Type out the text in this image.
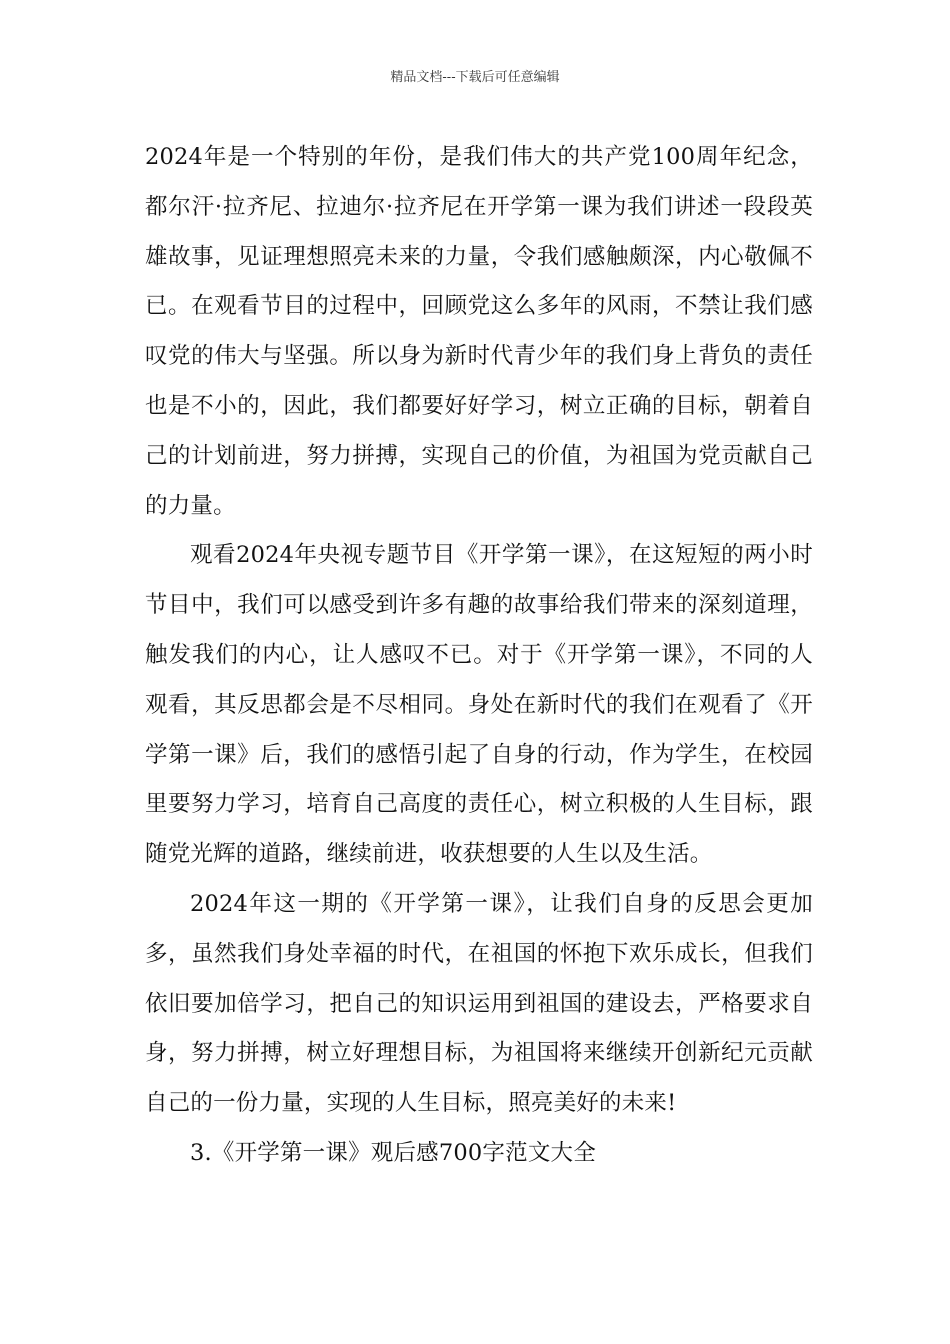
精品文档---下载后可任意编辑

2024年是一个特别的年份，是我们伟大的共产党100周年纪念，都尔汗·拉齐尼、拉迪尔·拉齐尼在开学第一课为我们讲述一段段英雄故事，见证理想照亮未来的力量，令我们感触颇深，内心敬佩不已。在观看节目的过程中，回顾党这么多年的风雨，不禁让我们感叹党的伟大与坚强。所以身为新时代青少年的我们身上背负的责任也是不小的，因此，我们都要好好学习，树立正确的目标，朝着自己的计划前进，努力拼搏，实现自己的价值，为祖国为党贡献自己的力量。

观看2024年央视专题节目《开学第一课》，在这短短的两小时节目中，我们可以感受到许多有趣的故事给我们带来的深刻道理，触发我们的内心，让人感叹不已。对于《开学第一课》，不同的人观看，其反思都会是不尽相同。身处在新时代的我们在观看了《开学第一课》后，我们的感悟引起了自身的行动，作为学生，在校园里要努力学习，培育自己高度的责任心，树立积极的人生目标，跟随党光辉的道路，继续前进，收获想要的人生以及生活。

2024年这一期的《开学第一课》，让我们自身的反思会更加多，虽然我们身处幸福的时代，在祖国的怀抱下欢乐成长，但我们依旧要加倍学习，把自己的知识运用到祖国的建设去，严格要求自身，努力拼搏，树立好理想目标，为祖国将来继续开创新纪元贡献自己的一份力量，实现的人生目标，照亮美好的未来!

3.《开学第一课》观后感700字范文大全
